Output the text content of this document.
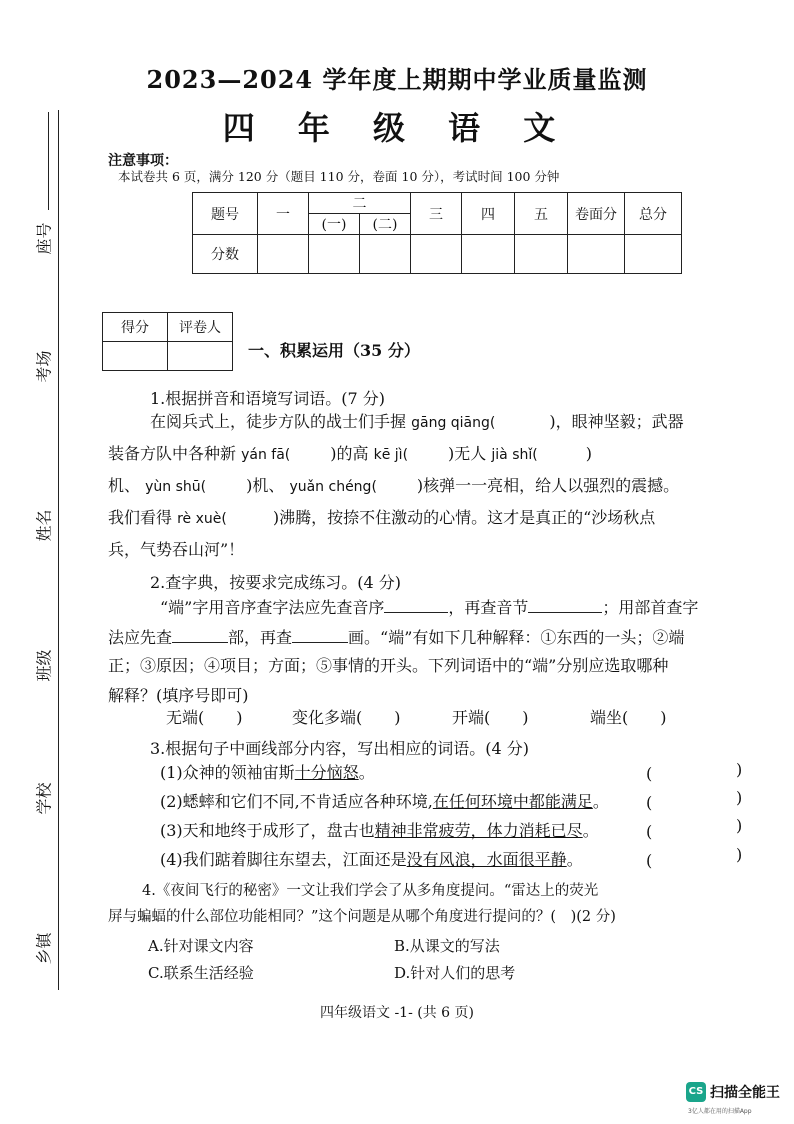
座号
考场
姓名
班级
学校
乡镇
2023—2024 学年度上期期中学业质量监测
四 年 级 语 文
注意事项：
本试卷共 6 页，满分 120 分（题目 110 分，卷面 10 分），考试时间 100 分钟
题号	一	二		三	四	五	卷面分	总分
		(一)	(二)					
分数								
得分	评卷人

一、积累运用（35 分）
1.根据拼音和语境写词语。(7 分)
在阅兵式上，徒步方队的战士们手握 gāng qiāng(	)，眼神坚毅；武器
装备方队中各种新 yán fā(	)的高 kē jì(	)无人 jià shǐ(	)
机、 yùn shū(	)机、 yuǎn chéng(	)核弹一一亮相，给人以强烈的震撼。
我们看得 rè xuè(	)沸腾，按捺不住激动的心情。这才是真正的“沙场秋点
兵，气势吞山河”！
2.查字典，按要求完成练习。(4 分)
“端”字用音序查字法应先查音序	，再查音节	；用部首查字
法应先查	部，再查	画。“端”有如下几种解释：①东西的一头；②端
正；③原因；④项目；方面；⑤事情的开头。下列词语中的“端”分别应选取哪种
解释？(填序号即可)
无端(　　)	变化多端(　　)	开端(　　)	端坐(　　)
3.根据句子中画线部分内容，写出相应的词语。(4 分)
(1)众神的领袖宙斯十分恼怒。
(2)蟋蟀和它们不同,不肯适应各种环境,在任何环境中都能满足。
(3)天和地终于成形了，盘古也精神非常疲劳，体力消耗已尽。
(4)我们踮着脚往东望去，江面还是没有风浪，水面很平静。
(	)
(	)
(	)
(	)
4.《夜间飞行的秘密》一文让我们学会了从多角度提问。“雷达上的荧光
屏与蝙蝠的什么部位功能相同？”这个问题是从哪个角度进行提问的？(　)(2 分)
A.针对课文内容	B.从课文的写法
C.联系生活经验	D.针对人们的思考
四年级语文 -1- (共 6 页)
CS 扫描全能王
3亿人都在用的扫描App
